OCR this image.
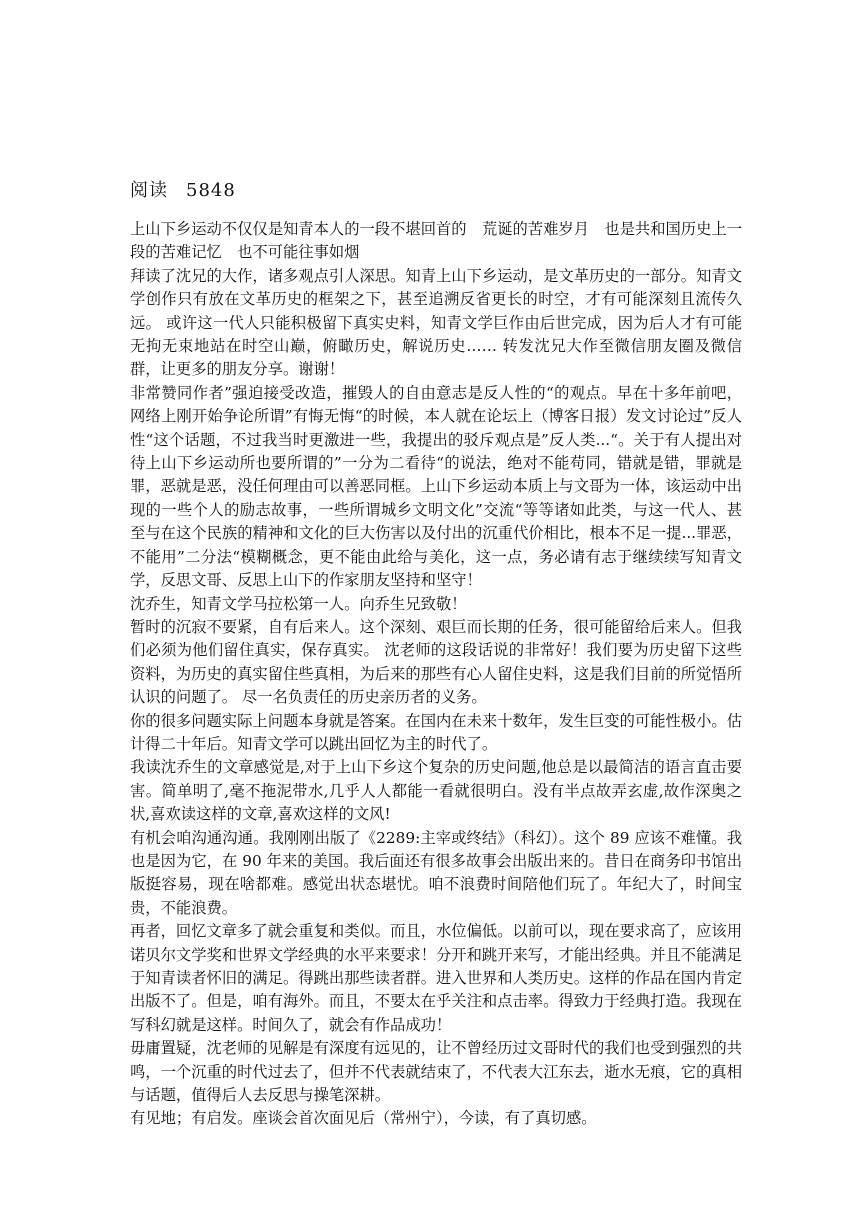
阅读 5848

上山下乡运动不仅仅是知青本人的一段不堪回首的　荒诞的苦难岁月　也是共和国历史上一段的苦难记忆　也不可能往事如烟

拜读了沈兄的大作，诸多观点引人深思。知青上山下乡运动，是文革历史的一部分。知青文学创作只有放在文革历史的框架之下，甚至追溯反省更长的时空，才有可能深刻且流传久远。 或许这一代人只能积极留下真实史料，知青文学巨作由后世完成，因为后人才有可能无拘无束地站在时空山巅，俯瞰历史，解说历史…… 转发沈兄大作至微信朋友圈及微信群，让更多的朋友分享。谢谢！

非常赞同作者”强迫接受改造，摧毁人的自由意志是反人性的“的观点。早在十多年前吧，网络上刚开始争论所谓”有悔无悔“的时候，本人就在论坛上（博客日报）发文讨论过”反人性“这个话题，不过我当时更激进一些，我提出的驳斥观点是”反人类...“。关于有人提出对待上山下乡运动所也要所谓的”一分为二看待“的说法，绝对不能苟同，错就是错，罪就是罪，恶就是恶，没任何理由可以善恶同框。上山下乡运动本质上与文哥为一体，该运动中出现的一些个人的励志故事，一些所谓城乡文明文化”交流“等等诸如此类，与这一代人、甚至与在这个民族的精神和文化的巨大伤害以及付出的沉重代价相比，根本不足一提...罪恶，不能用”二分法“模糊概念，更不能由此给与美化，这一点，务必请有志于继续续写知青文学，反思文哥、反思上山下的作家朋友坚持和坚守！

沈乔生，知青文学马拉松第一人。向乔生兄致敬！

暂时的沉寂不要紧，自有后来人。这个深刻、艰巨而长期的任务，很可能留给后来人。但我们必须为他们留住真实，保存真实。 沈老师的这段话说的非常好！我们要为历史留下这些资料，为历史的真实留住些真相，为后来的那些有心人留住史料，这是我们目前的所觉悟所认识的问题了。 尽一名负责任的历史亲历者的义务。

你的很多问题实际上问题本身就是答案。在国内在未来十数年，发生巨变的可能性极小。估计得二十年后。知青文学可以跳出回忆为主的时代了。

我读沈乔生的文章感觉是,对于上山下乡这个复杂的历史问题,他总是以最简洁的语言直击要害。简单明了,毫不拖泥带水,几乎人人都能一看就很明白。没有半点故弄玄虚,故作深奥之状,喜欢读这样的文章,喜欢这样的文风!

有机会咱沟通沟通。我刚刚出版了《2289:主宰或终结》（科幻）。这个 89 应该不难懂。我也是因为它，在 90 年来的美国。我后面还有很多故事会出版出来的。昔日在商务印书馆出版挺容易，现在啥都难。感觉出状态堪忧。咱不浪费时间陪他们玩了。年纪大了，时间宝贵，不能浪费。

再者，回忆文章多了就会重复和类似。而且，水位偏低。以前可以，现在要求高了，应该用诺贝尔文学奖和世界文学经典的水平来要求！分开和跳开来写，才能出经典。并且不能满足于知青读者怀旧的满足。得跳出那些读者群。进入世界和人类历史。这样的作品在国内肯定出版不了。但是，咱有海外。而且，不要太在乎关注和点击率。得致力于经典打造。我现在写科幻就是这样。时间久了，就会有作品成功！

毋庸置疑，沈老师的见解是有深度有远见的，让不曾经历过文哥时代的我们也受到强烈的共鸣，一个沉重的时代过去了，但并不代表就结束了，不代表大江东去，逝水无痕，它的真相与话题，值得后人去反思与操笔深耕。

有见地；有启发。座谈会首次面见后（常州宁），今读，有了真切感。
